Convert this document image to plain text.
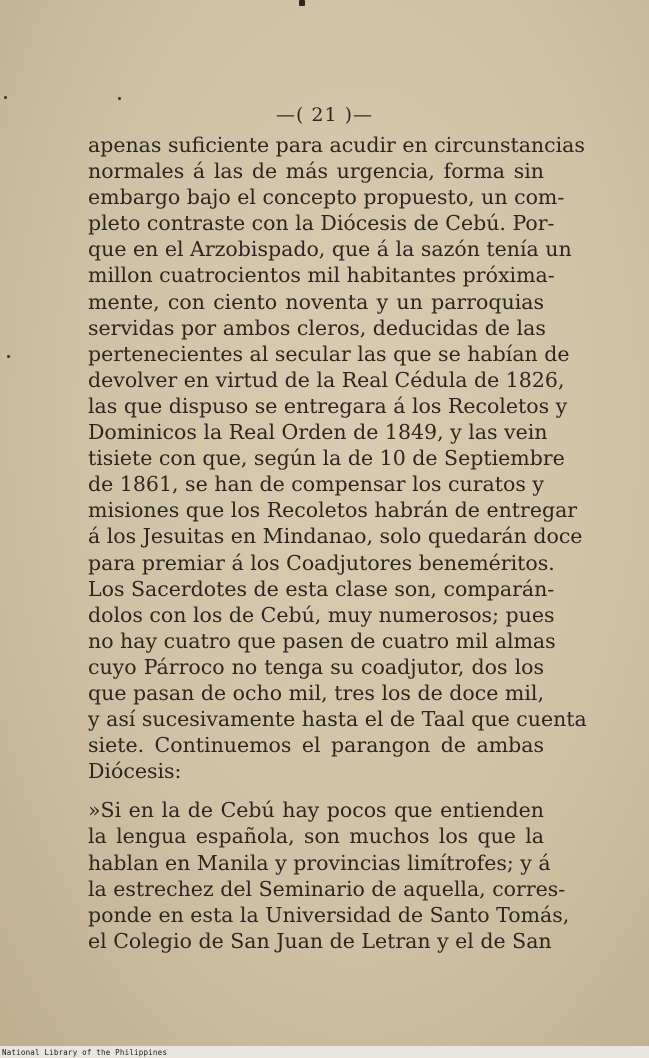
—( 21 )—
apenas suficiente para acudir en circunstancias
normales á las de más urgencia, forma sin
embargo bajo el concepto propuesto, un com-
pleto contraste con la Diócesis de Cebú. Por-
que en el Arzobispado, que á la sazón tenía un
millon cuatrocientos mil habitantes próxima-
mente, con ciento noventa y un parroquias
servidas por ambos cleros, deducidas de las
pertenecientes al secular las que se habían de
devolver en virtud de la Real Cédula de 1826,
las que dispuso se entregara á los Recoletos y
Dominicos la Real Orden de 1849, y las vein
tisiete con que, según la de 10 de Septiembre
de 1861, se han de compensar los curatos y
misiones que los Recoletos habrán de entregar
á los Jesuitas en Mindanao, solo quedarán doce
para premiar á los Coadjutores beneméritos.
Los Sacerdotes de esta clase son, comparán-
dolos con los de Cebú, muy numerosos; pues
no hay cuatro que pasen de cuatro mil almas
cuyo Párroco no tenga su coadjutor, dos los
que pasan de ocho mil, tres los de doce mil,
y así sucesivamente hasta el de Taal que cuenta
siete. Continuemos el parangon de ambas
Diócesis:
»Si en la de Cebú hay pocos que entienden
la lengua española, son muchos los que la
hablan en Manila y provincias limítrofes; y á
la estrechez del Seminario de aquella, corres-
ponde en esta la Universidad de Santo Tomás,
el Colegio de San Juan de Letran y el de San
National Library of the Philippines
